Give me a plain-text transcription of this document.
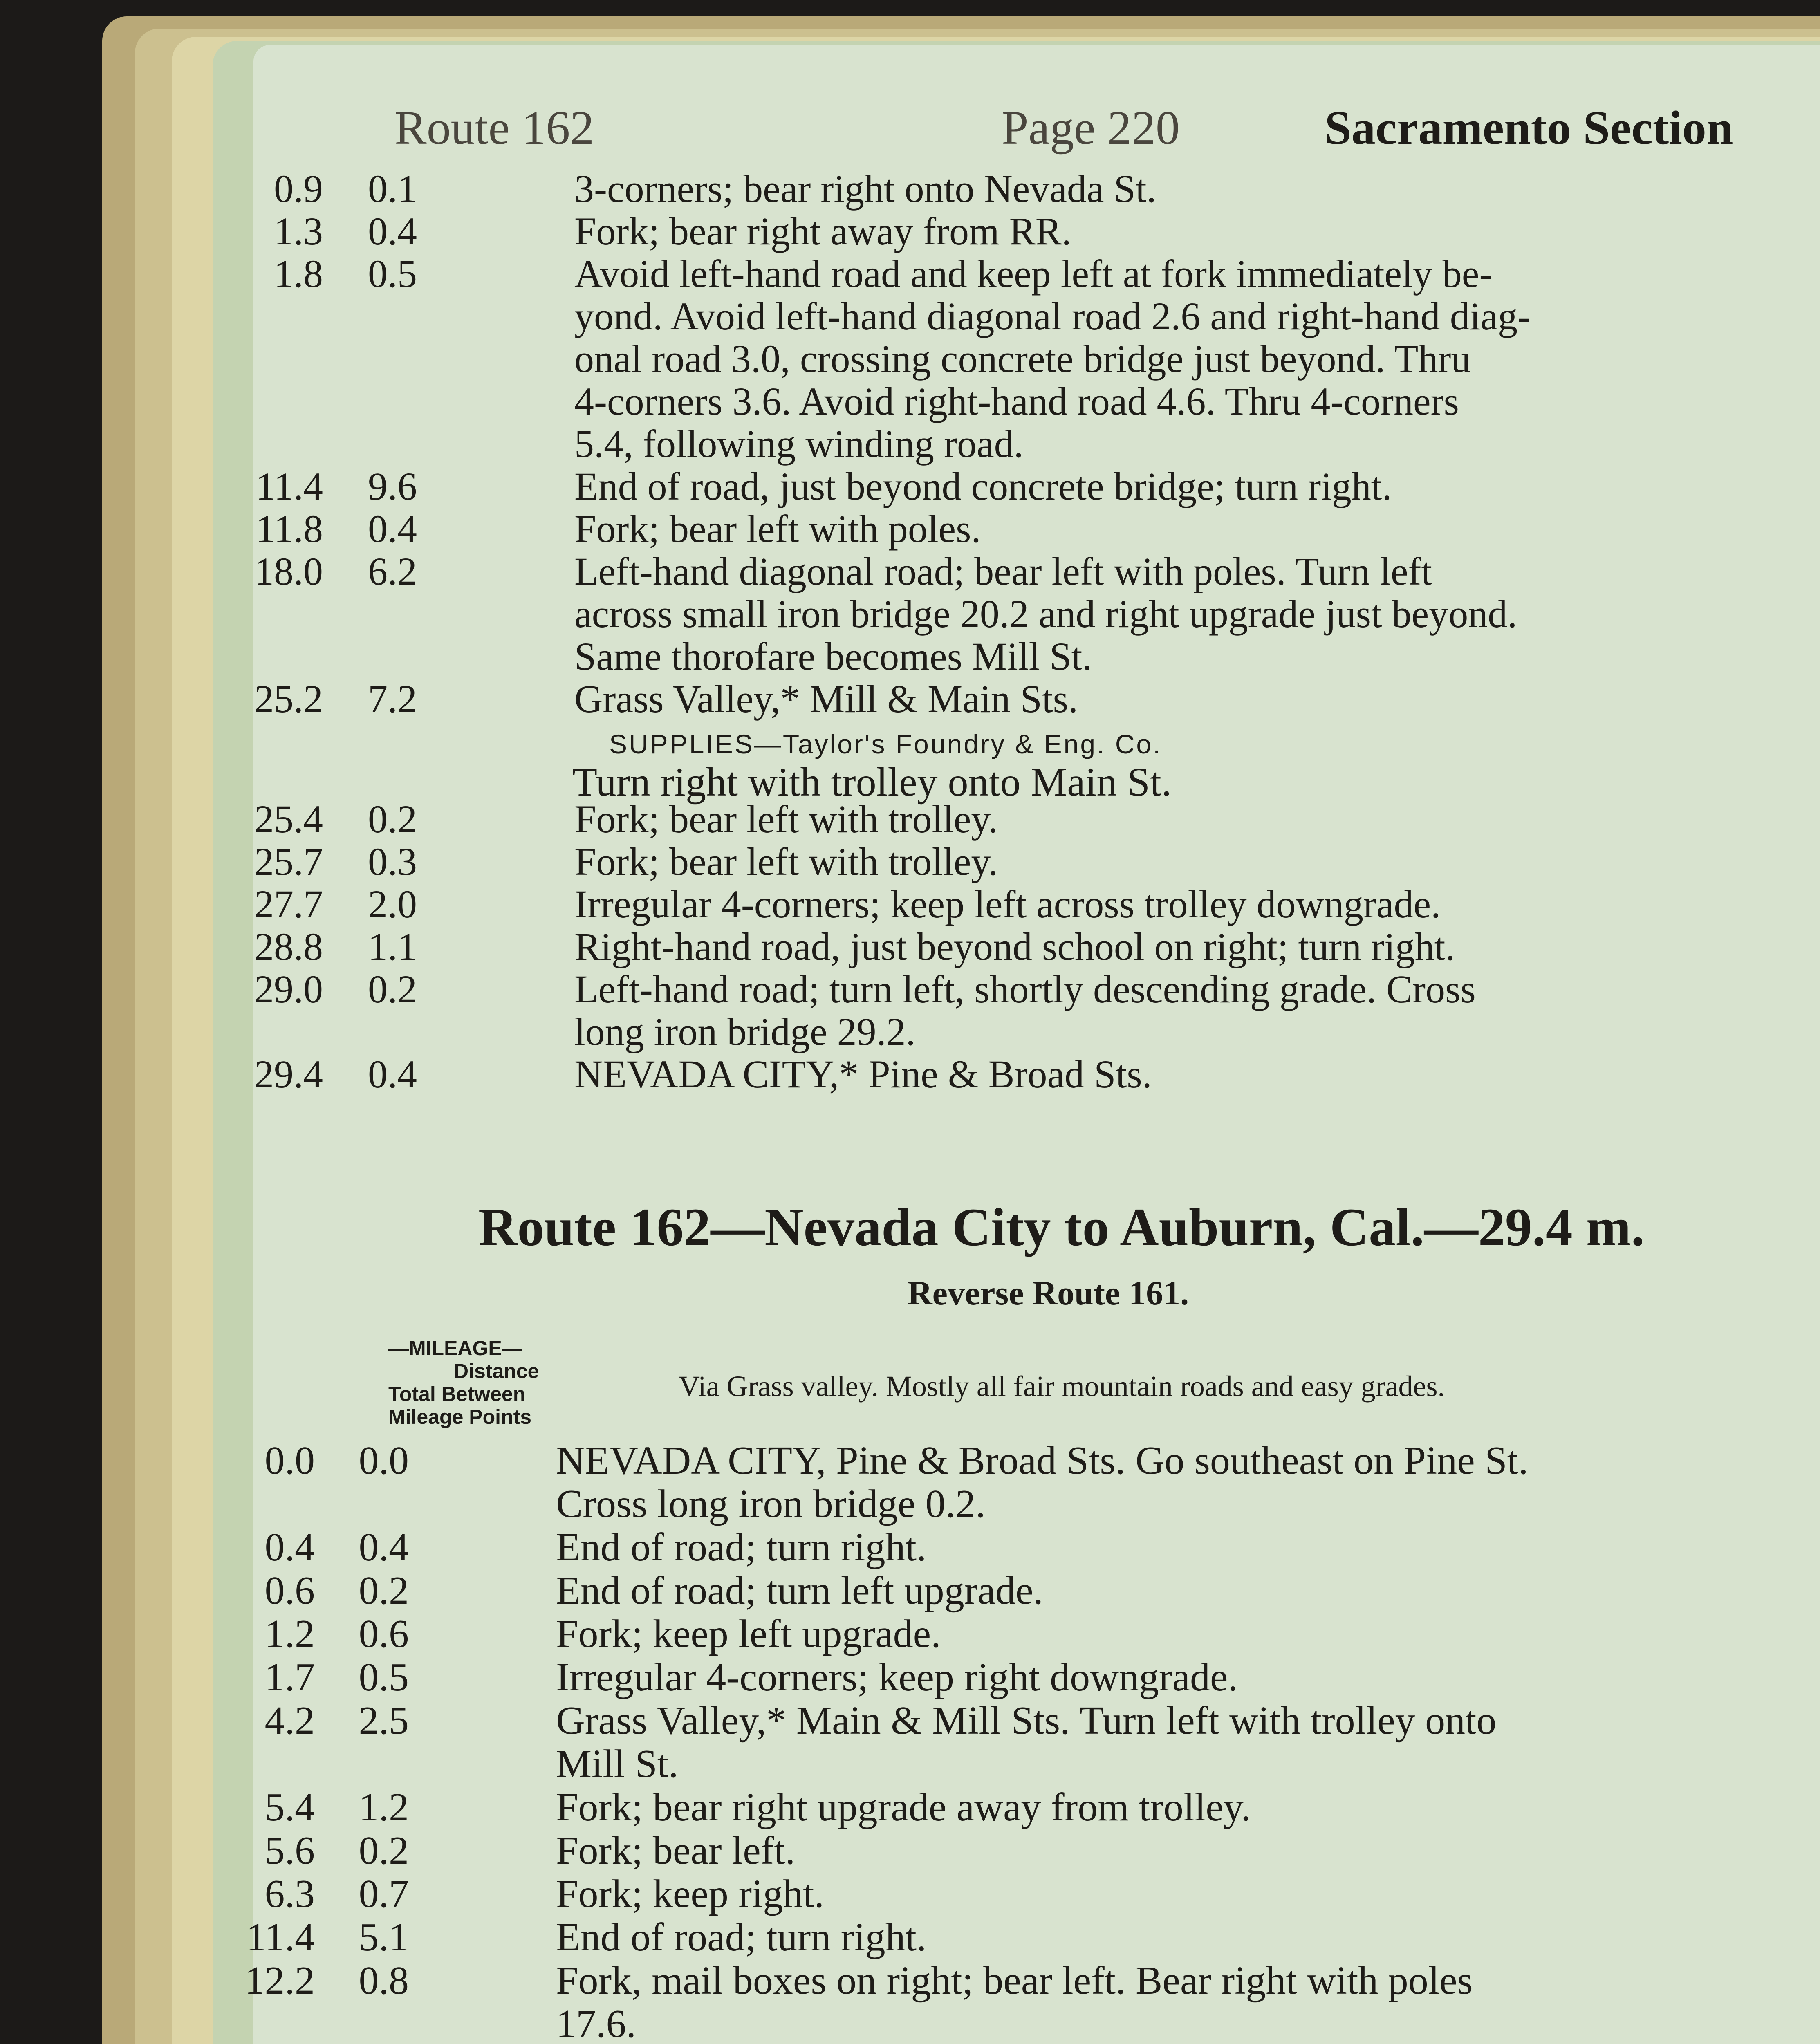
Route 162	Page 220	Sacramento Section
0.9	0.1	3-corners; bear right onto Nevada St.
1.3	0.4	Fork; bear right away from RR.
1.8	0.5	Avoid left-hand road and keep left at fork immediately be-
yond. Avoid left-hand diagonal road 2.6 and right-hand diag-
onal road 3.0, crossing concrete bridge just beyond. Thru
4-corners 3.6. Avoid right-hand road 4.6. Thru 4-corners
5.4, following winding road.
11.4	9.6	End of road, just beyond concrete bridge; turn right.
11.8	0.4	Fork; bear left with poles.
18.0	6.2	Left-hand diagonal road; bear left with poles. Turn left
across small iron bridge 20.2 and right upgrade just beyond.
Same thorofare becomes Mill St.
25.2	7.2	Grass Valley,* Mill & Main Sts.
SUPPLIES—Taylor's Foundry & Eng. Co.
Turn right with trolley onto Main St.
25.4	0.2	Fork; bear left with trolley.
25.7	0.3	Fork; bear left with trolley.
27.7	2.0	Irregular 4-corners; keep left across trolley downgrade.
28.8	1.1	Right-hand road, just beyond school on right; turn right.
29.0	0.2	Left-hand road; turn left, shortly descending grade. Cross
long iron bridge 29.2.
29.4	0.4	NEVADA CITY,* Pine & Broad Sts.
Route 162—Nevada City to Auburn, Cal.—29.4 m.
Reverse Route 161.
—MILEAGE—
Distance
Total Between
Mileage Points
Via Grass valley. Mostly all fair mountain roads and easy grades.
0.0	0.0	NEVADA CITY, Pine & Broad Sts. Go southeast on Pine St.
Cross long iron bridge 0.2.
0.4	0.4	End of road; turn right.
0.6	0.2	End of road; turn left upgrade.
1.2	0.6	Fork; keep left upgrade.
1.7	0.5	Irregular 4-corners; keep right downgrade.
4.2	2.5	Grass Valley,* Main & Mill Sts. Turn left with trolley onto
Mill St.
5.4	1.2	Fork; bear right upgrade away from trolley.
5.6	0.2	Fork; bear left.
6.3	0.7	Fork; keep right.
11.4	5.1	End of road; turn right.
12.2	0.8	Fork, mail boxes on right; bear left. Bear right with poles
17.6.
